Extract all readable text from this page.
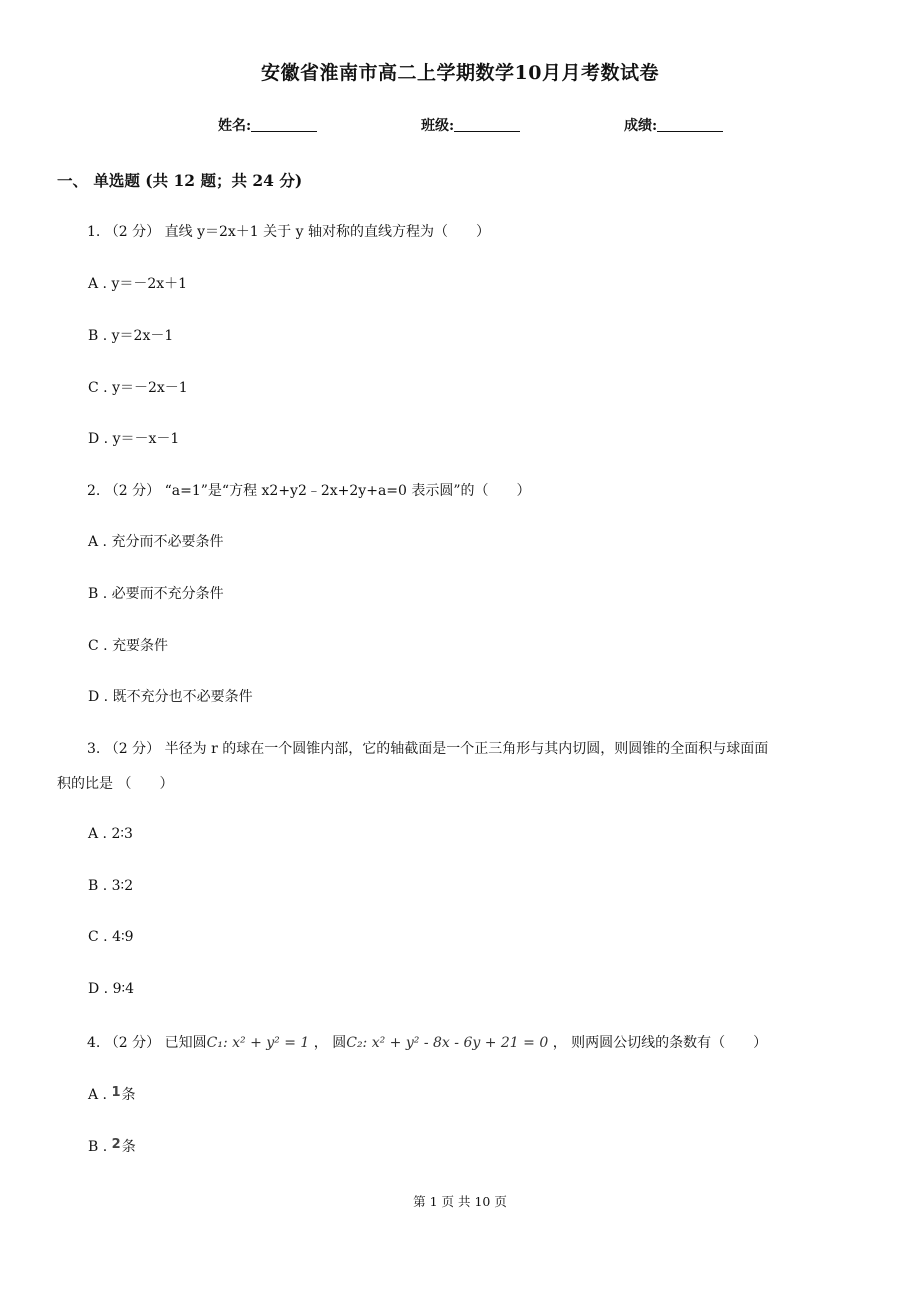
安徽省淮南市高二上学期数学10月月考数试卷
姓名:	班级:	成绩:
一、 单选题 (共 12 题；共 24 分)
1. （2 分） 直线 y＝2x＋1 关于 y 轴对称的直线方程为（　　）
A . y＝－2x＋1
B . y＝2x－1
C . y＝－2x－1
D . y＝－x－1
2. （2 分） “a=1”是“方程 x2+y2﹣2x+2y+a=0 表示圆”的（　　）
A . 充分而不必要条件
B . 必要而不充分条件
C . 充要条件
D . 既不充分也不必要条件
3. （2 分） 半径为 r 的球在一个圆锥内部，它的轴截面是一个正三角形与其内切圆，则圆锥的全面积与球面面
积的比是 （　　）
A . 2∶3
B . 3∶2
C . 4∶9
D . 9∶4
4. （2 分） 已知圆C₁: x² + y² = 1 ， 圆C₂: x² + y² - 8x - 6y + 21 = 0 ， 则两圆公切线的条数有（　　）
A . 1条
B . 2条
第 1 页 共 10 页
